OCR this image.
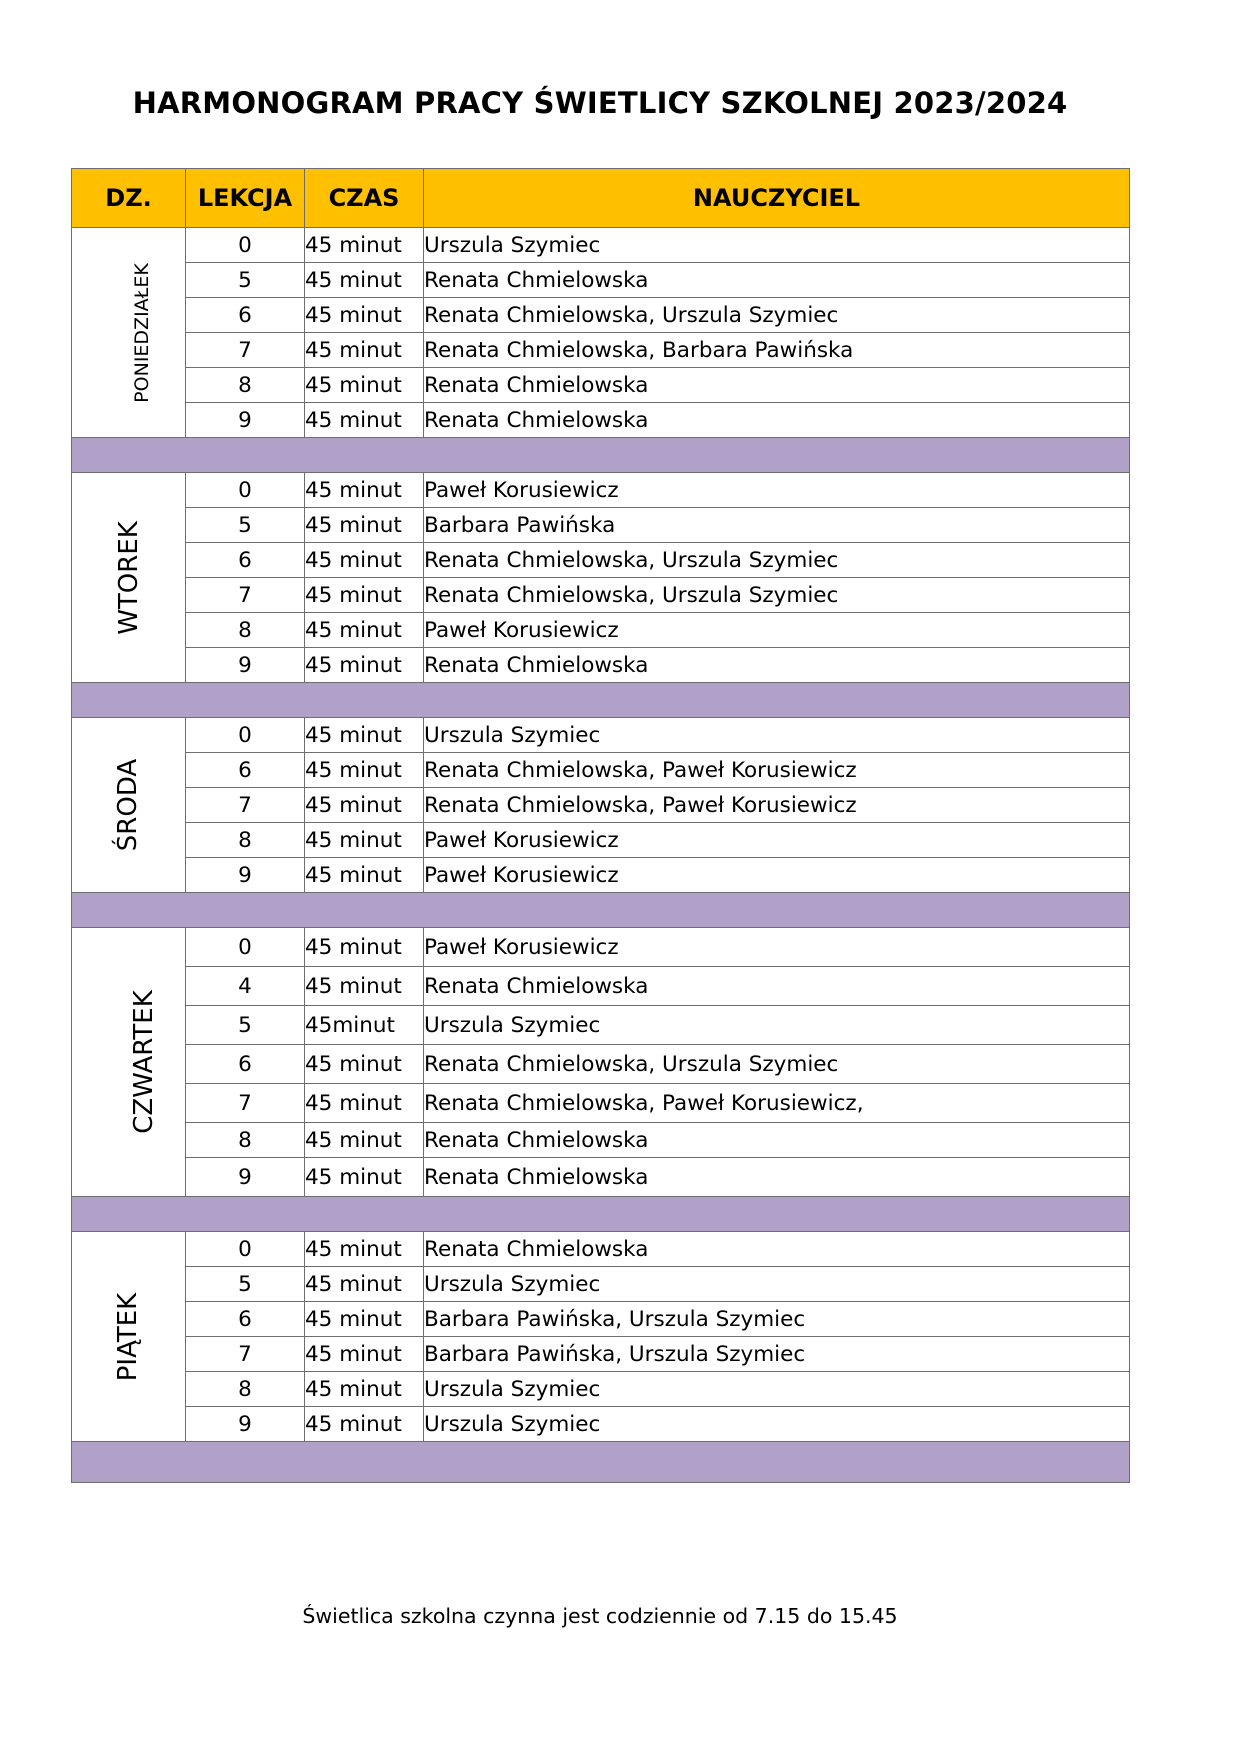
HARMONOGRAM PRACY ŚWIETLICY SZKOLNEJ 2023/2024
DZ.	LEKCJA	CZAS	NAUCZYCIEL
PONIEDZIAŁEK	0	45 minut	Urszula Szymiec
	5	45 minut	Renata Chmielowska
	6	45 minut	Renata Chmielowska, Urszula Szymiec
	7	45 minut	Renata Chmielowska, Barbara Pawińska
	8	45 minut	Renata Chmielowska
	9	45 minut	Renata Chmielowska

WTOREK	0	45 minut	Paweł Korusiewicz
	5	45 minut	Barbara Pawińska
	6	45 minut	Renata Chmielowska, Urszula Szymiec
	7	45 minut	Renata Chmielowska, Urszula Szymiec
	8	45 minut	Paweł Korusiewicz
	9	45 minut	Renata Chmielowska

ŚRODA	0	45 minut	Urszula Szymiec
	6	45 minut	Renata Chmielowska, Paweł Korusiewicz
	7	45 minut	Renata Chmielowska, Paweł Korusiewicz
	8	45 minut	Paweł Korusiewicz
	9	45 minut	Paweł Korusiewicz

CZWARTEK	0	45 minut	Paweł Korusiewicz
	4	45 minut	Renata Chmielowska
	5	45minut	Urszula Szymiec
	6	45 minut	Renata Chmielowska, Urszula Szymiec
	7	45 minut	Renata Chmielowska, Paweł Korusiewicz,
	8	45 minut	Renata Chmielowska
	9	45 minut	Renata Chmielowska

PIĄTEK	0	45 minut	Renata Chmielowska
	5	45 minut	Urszula Szymiec
	6	45 minut	Barbara Pawińska, Urszula Szymiec
	7	45 minut	Barbara Pawińska, Urszula Szymiec
	8	45 minut	Urszula Szymiec
	9	45 minut	Urszula Szymiec

Świetlica szkolna czynna jest codziennie od 7.15 do 15.45
